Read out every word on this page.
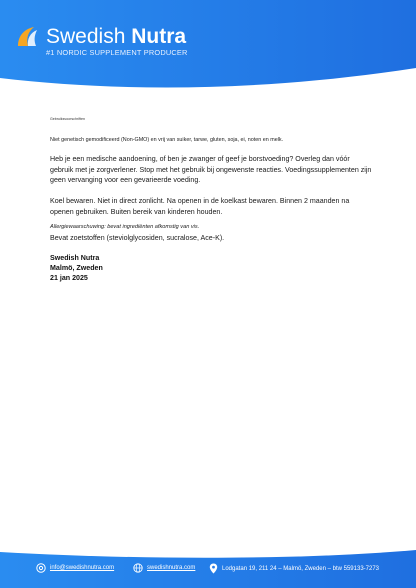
Swedish Nutra
#1 NORDIC SUPPLEMENT PRODUCER
Gebruiksvoorschriften
Niet genetisch gemodificeerd (Non-GMO) en vrij van suiker, tarwe, gluten, soja, ei, noten en melk.
Heb je een medische aandoening, of ben je zwanger of geef je borstvoeding? Overleg dan vóór gebruik met je zorgverlener. Stop met het gebruik bij ongewenste reacties. Voedingssupplementen zijn geen vervanging voor een gevarieerde voeding.
Koel bewaren. Niet in direct zonlicht. Na openen in de koelkast bewaren. Binnen 2 maanden na openen gebruiken. Buiten bereik van kinderen houden.
Allergiewaarschuwing: bevat ingrediënten afkomstig van vis.
Bevat zoetstoffen (steviolglycosiden, sucralose, Ace-K).
Swedish Nutra
Malmö, Zweden
21 jan 2025
info@swedishnutra.com	swedishnutra.com	Lodgatan 19, 211 24 – Malmö, Zweden – btw 559133-7273
